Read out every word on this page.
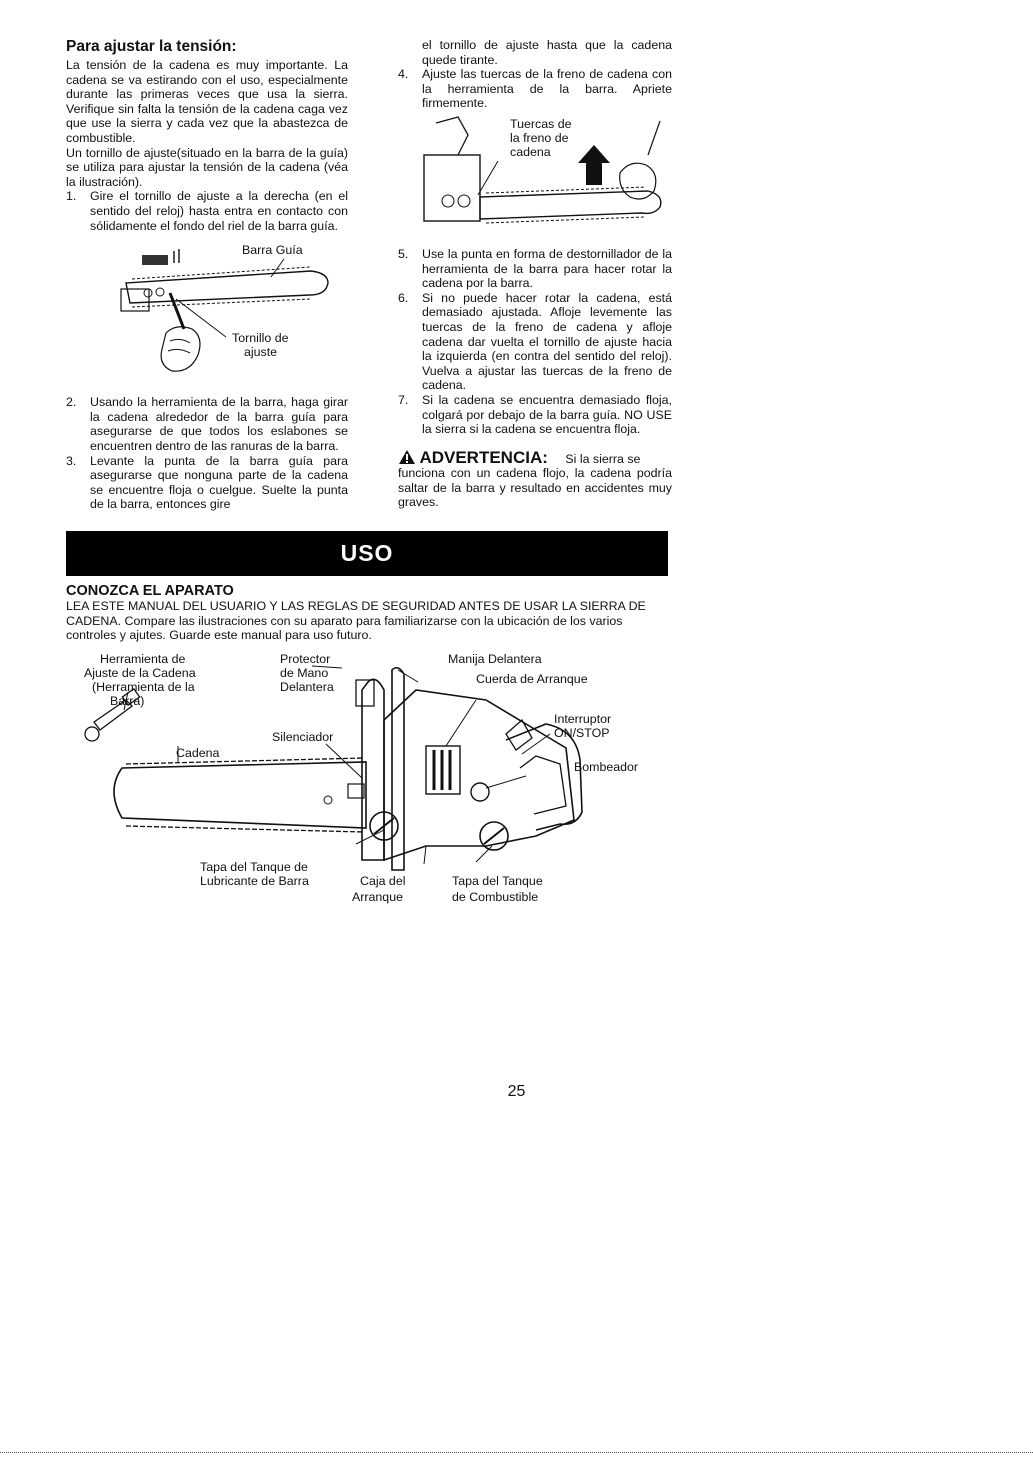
Para ajustar la tensión:

La tensión de la cadena es muy importante. La cadena se va estirando con el uso, especialmente durante las primeras veces que usa la sierra. Verifique sin falta la tensión de la cadena caga vez que use la sierra y cada vez que la abastezca de combustible.

Un tornillo de ajuste(situado en la barra de la guía) se utiliza para ajustar la tensión de la cadena (véa la ilustración).

1. Gire el tornillo de ajuste a la derecha (en el sentido del reloj) hasta entra en contacto con sólidamente el fondo del riel de la barra guía.
Barra Guía
Tornillo de
ajuste
2. Usando la herramienta de la barra, haga girar la cadena alrededor de la barra guía para asegurarse de que todos los eslabones se encuentren dentro de las ranuras de la barra.
3. Levante la punta de la barra guía para asegurarse que nonguna parte de la cadena se encuentre floja o cuelgue. Suelte la punta de la barra, entonces gire
el tornillo de ajuste hasta que la cadena quede tirante.
4. Ajuste las tuercas de la freno de cadena con la herramienta de la barra. Apriete firmemente.
Tuercas de
la freno de
cadena
5. Use la punta en forma de destornillador de la herramienta de la barra para hacer rotar la cadena por la barra.
6. Si no puede hacer rotar la cadena, está demasiado ajustada. Afloje levemente las tuercas de la freno de cadena y afloje cadena dar vuelta el tornillo de ajuste hacia la izquierda (en contra del sentido del reloj). Vuelva a ajustar las tuercas de la freno de cadena.
7. Si la cadena se encuentra demasiado floja, colgará por debajo de la barra guía. NO USE la sierra si la cadena se encuentra floja.
ADVERTENCIA: Si la sierra se
funciona con un cadena flojo, la cadena podría saltar de la barra y resultado en accidentes muy graves.
USO
CONOZCA EL APARATO

LEA ESTE MANUAL DEL USUARIO Y LAS REGLAS DE SEGURIDAD ANTES DE USAR LA SIERRA DE CADENA. Compare las ilustraciones con su aparato para familiarizarse con la ubicación de los varios controles y ajutes. Guarde este manual para uso futuro.

Herramienta de
Ajuste de la Cadena
(Herramienta de la
Barra)
Cadena
Protector
de Mano
Delantera
Silenciador
Manija Delantera
Cuerda de Arranque
Interruptor
ON/STOP
Bombeador
Tapa del Tanque de
Lubricante de Barra	Caja del
Arranque
Tapa del Tanque
de Combustible
25
